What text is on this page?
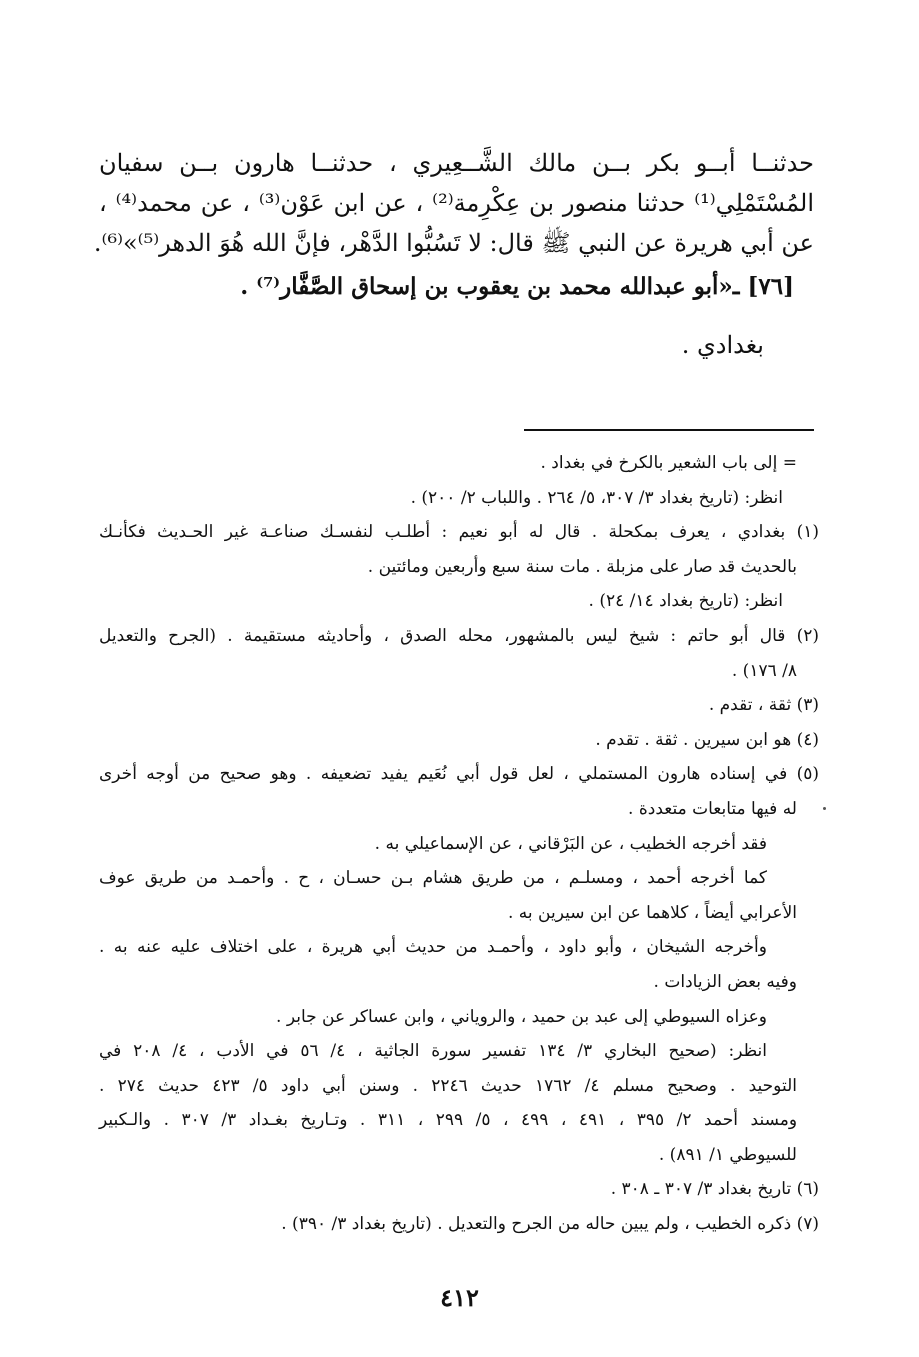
حدثنــا أبــو بكر بــن مالك الشَّــعِيري ، حدثنــا هارون بــن سفيان
المُسْتَمْلِي⁽¹⁾ حدثنا منصور بن عِكْرِمة⁽²⁾ ، عن ابن عَوْن⁽³⁾ ، عن محمد⁽⁴⁾ ،
عن أبي هريرة عن النبي ﷺ قال: لا تَسُبُّوا الدَّهْر، فإنَّ الله هُوَ الدهر⁽⁵⁾»⁽⁶⁾.
[٧٦] ـ«أبو عبدالله محمد بن يعقوب بن إسحاق الصَّفَّار⁽⁷⁾ .
بغدادي .
= إلى باب الشعير بالكرخ في بغداد .
انظر: (تاريخ بغداد ٣/ ٣٠٧، ٥/ ٢٦٤ . واللباب ٢/ ٢٠٠) .
(١) بغدادي ، يعرف بمكحلة . قال له أبو نعيم : أطلـب لنفسـك صناعـة غير الحـديث فكأنـك
بالحديث قد صار على مزبلة . مات سنة سبع وأربعين ومائتين .
انظر: (تاريخ بغداد ١٤/ ٢٤) .
(٢) قال أبو حاتم : شيخ ليس بالمشهور، محله الصدق ، وأحاديثه مستقيمة . (الجرح والتعديل
٨/ ١٧٦) .
(٣) ثقة ، تقدم .
(٤) هو ابن سيرين . ثقة . تقدم .
(٥) في إسناده هارون المستملي ، لعل قول أبي نُعَيم يفيد تضعيفه . وهو صحيح من أوجه أخرى
له فيها متابعات متعددة .
فقد أخرجه الخطيب ، عن البَرْقاني ، عن الإسماعيلي به .
كما أخرجه أحمد ، ومسلـم ، من طريق هشام بـن حسـان ، ح . وأحمـد من طريق عوف
الأعرابي أيضاً ، كلاهما عن ابن سيرين به .
وأخرجه الشيخان ، وأبو داود ، وأحمـد من حديث أبي هريرة ، على اختلاف عليه عنه به .
وفيه بعض الزيادات .
وعزاه السيوطي إلى عبد بن حميد ، والروياني ، وابن عساكر عن جابر .
انظر: (صحيح البخاري ٣/ ١٣٤ تفسير سورة الجاثية ، ٤/ ٥٦ في الأدب ، ٤/ ٢٠٨ في
التوحيد . وصحيح مسلم ٤/ ١٧٦٢ حديث ٢٢٤٦ . وسنن أبي داود ٥/ ٤٢٣ حديث ٢٧٤ .
ومسند أحمد ٢/ ٣٩٥ ، ٤٩١ ، ٤٩٩ ، ٥/ ٢٩٩ ، ٣١١ . وتـاريخ بغـداد ٣/ ٣٠٧ . والـكبير
للسيوطي ١/ ٨٩١) .
(٦) تاريخ بغداد ٣/ ٣٠٧ ـ ٣٠٨ .
(٧) ذكره الخطيب ، ولم يبين حاله من الجرح والتعديل . (تاريخ بغداد ٣/ ٣٩٠) .
٤١٢
